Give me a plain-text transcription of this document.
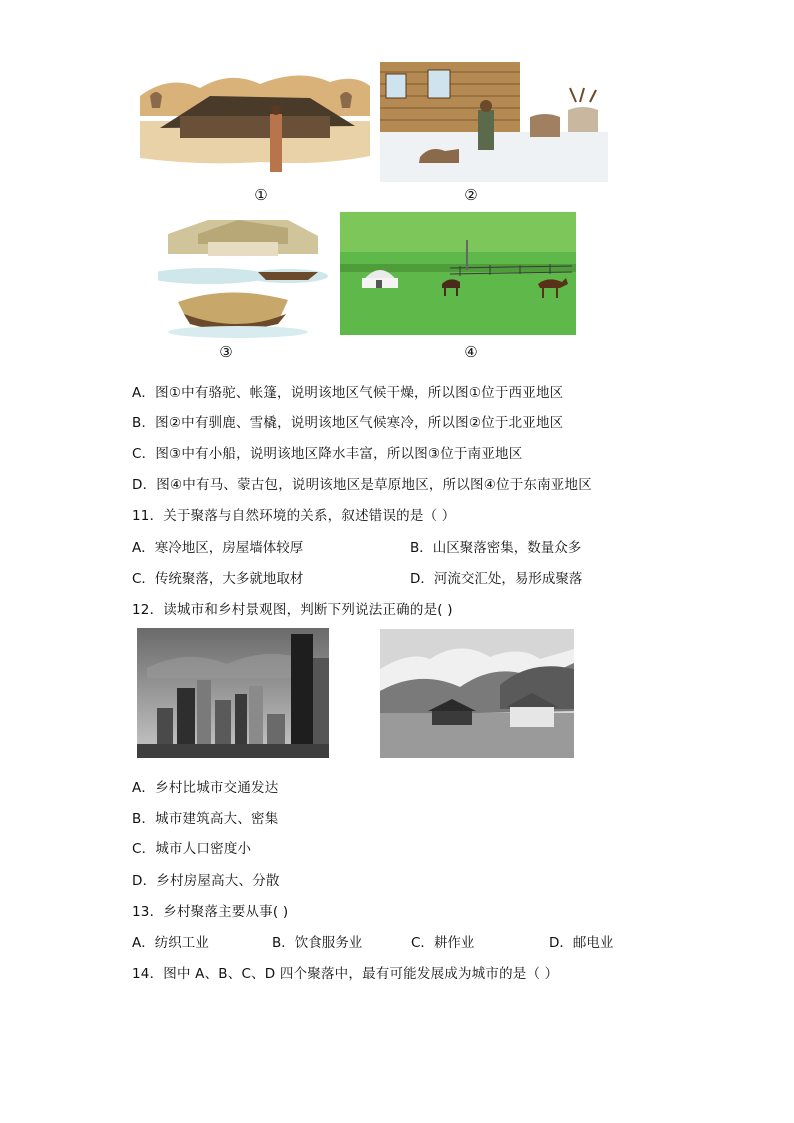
①	②
③	④
A．图①中有骆驼、帐篷，说明该地区气候干燥，所以图①位于西亚地区
B．图②中有驯鹿、雪橇，说明该地区气候寒冷，所以图②位于北亚地区
C．图③中有小船，说明该地区降水丰富，所以图③位于南亚地区
D．图④中有马、蒙古包，说明该地区是草原地区，所以图④位于东南亚地区
11．关于聚落与自然环境的关系，叙述错误的是（ ）
A．寒冷地区，房屋墙体较厚	B．山区聚落密集，数量众多
C．传统聚落，大多就地取材	D．河流交汇处，易形成聚落
12．读城市和乡村景观图，判断下列说法正确的是( )
A．乡村比城市交通发达
B．城市建筑高大、密集
C．城市人口密度小
D．乡村房屋高大、分散
13．乡村聚落主要从事( )
A．纺织工业	B．饮食服务业	C．耕作业	D．邮电业
14．图中 A、B、C、D 四个聚落中，最有可能发展成为城市的是（ ）
